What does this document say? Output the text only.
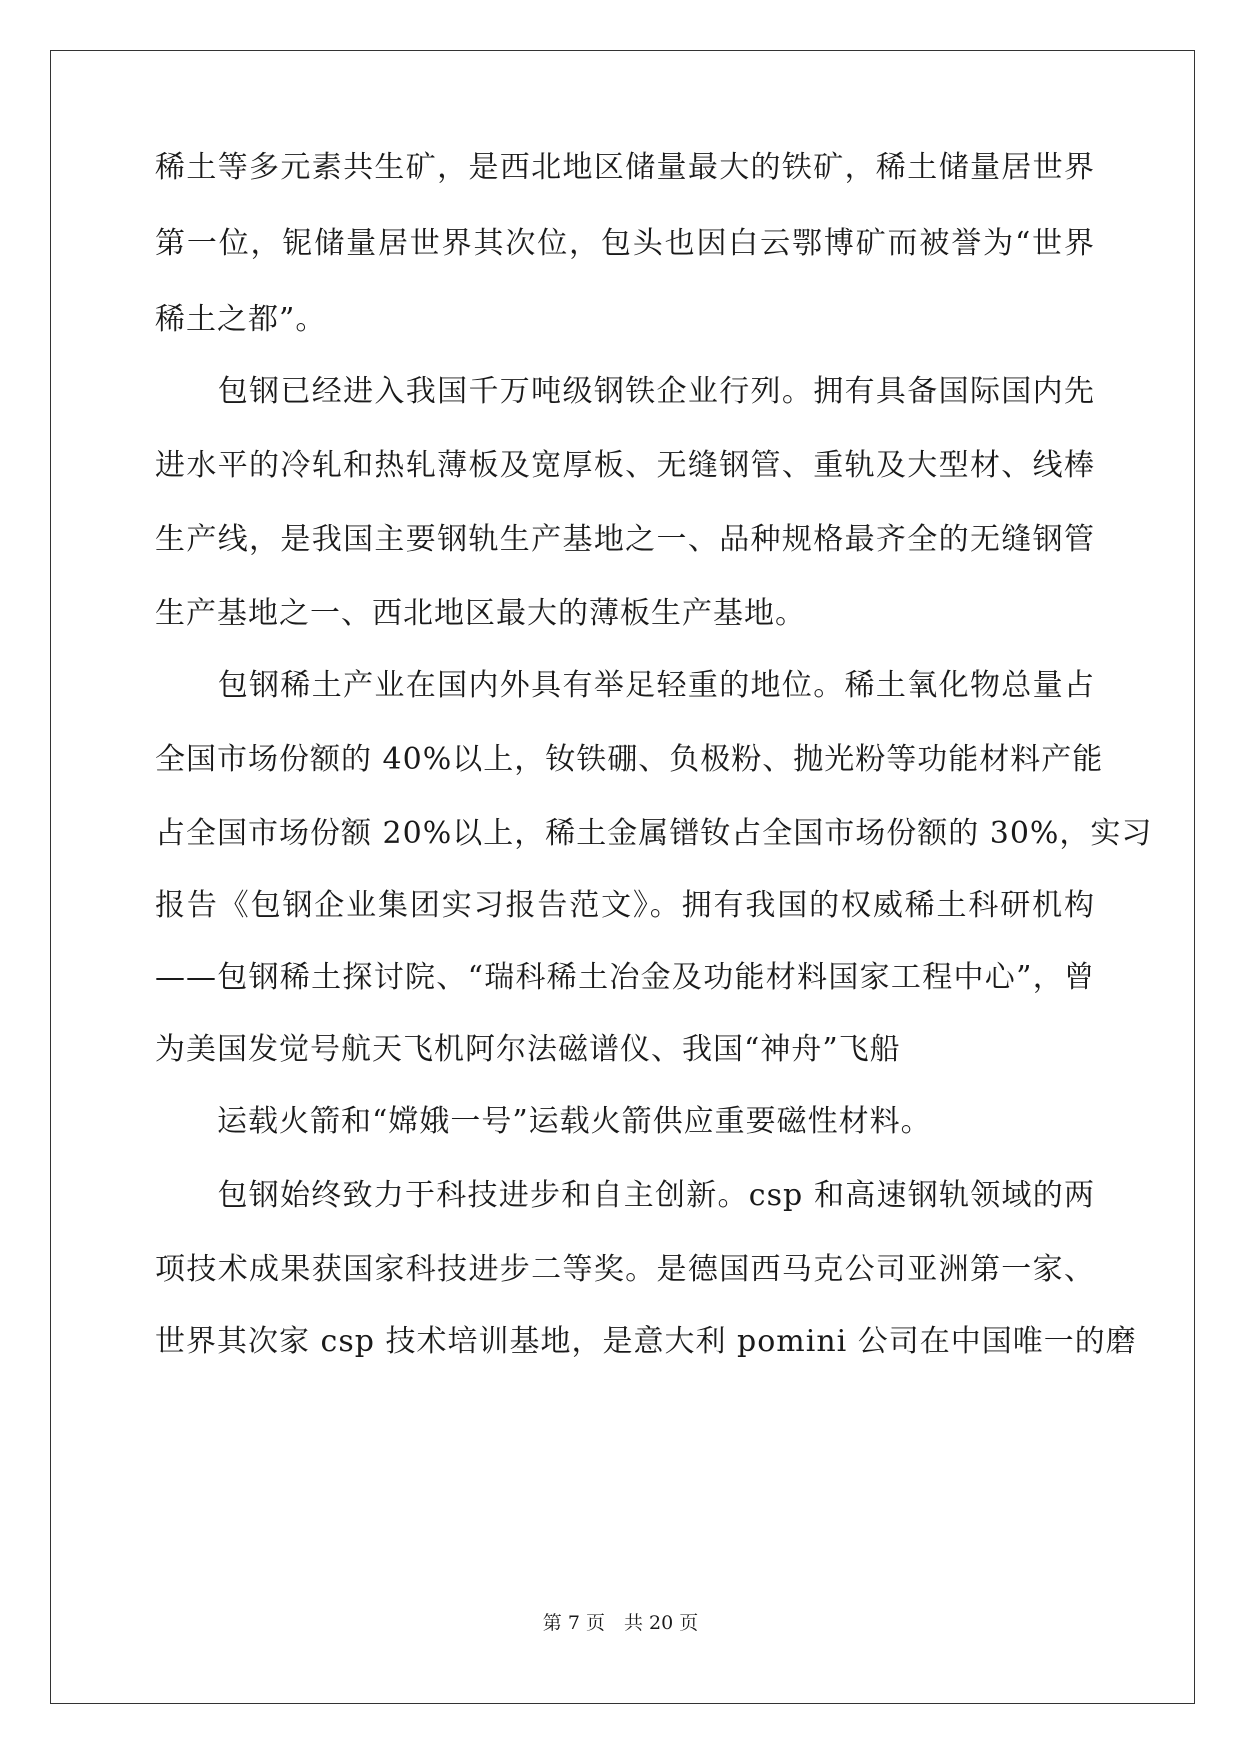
稀土等多元素共生矿，是西北地区储量最大的铁矿，稀土储量居世界
第一位，铌储量居世界其次位，包头也因白云鄂博矿而被誉为“世界
稀土之都”。
　　包钢已经进入我国千万吨级钢铁企业行列。拥有具备国际国内先
进水平的冷轧和热轧薄板及宽厚板、无缝钢管、重轨及大型材、线棒
生产线，是我国主要钢轨生产基地之一、品种规格最齐全的无缝钢管
生产基地之一、西北地区最大的薄板生产基地。
　　包钢稀土产业在国内外具有举足轻重的地位。稀土氧化物总量占
全国市场份额的 40%以上，钕铁硼、负极粉、抛光粉等功能材料产能
占全国市场份额 20%以上，稀土金属镨钕占全国市场份额的 30%，实习
报告《包钢企业集团实习报告范文》。拥有我国的权威稀土科研机构
——包钢稀土探讨院、“瑞科稀土冶金及功能材料国家工程中心”，曾
为美国发觉号航天飞机阿尔法磁谱仪、我国“神舟”飞船
　　运载火箭和“嫦娥一号”运载火箭供应重要磁性材料。
　　包钢始终致力于科技进步和自主创新。csp 和高速钢轨领域的两
项技术成果获国家科技进步二等奖。是德国西马克公司亚洲第一家、
世界其次家 csp 技术培训基地，是意大利 pomini 公司在中国唯一的磨
第 7 页　共 20 页
